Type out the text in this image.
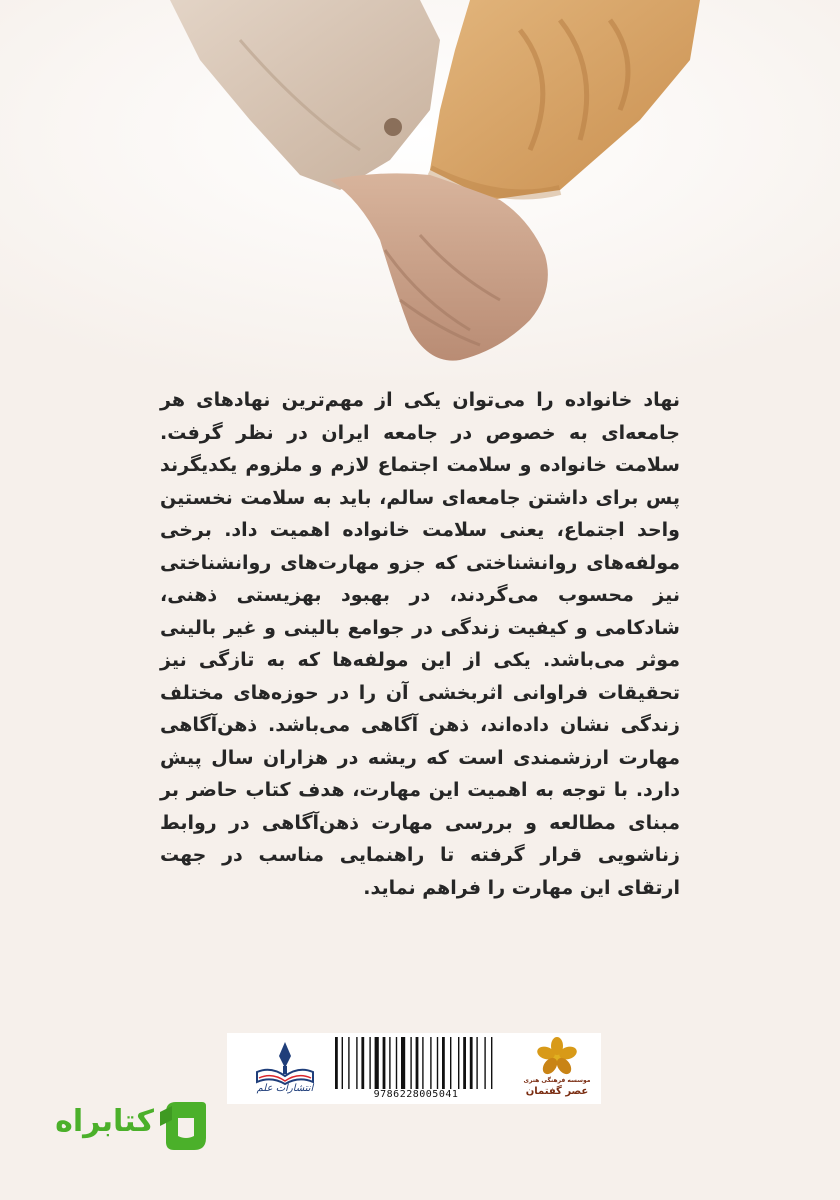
نهاد خانواده را می‌توان یکی از مهم‌ترین نهادهای هر جامعه‌ای به خصوص در جامعه ایران در نظر گرفت. سلامت خانواده و سلامت اجتماع لازم و ملزوم یکدیگرند پس برای داشتن جامعه‌ای سالم، باید به سلامت نخستین واحد اجتماع، یعنی سلامت خانواده اهمیت داد. برخی مولفه‌های روانشناختی که جزو مهارت‌های روانشناختی نیز محسوب می‌گردند، در بهبود بهزیستی ذهنی، شادکامی و کیفیت زندگی در جوامع بالینی و غیر بالینی موثر می‌باشد. یکی از این مولفه‌ها که به تازگی نیز تحقیقات فراوانی اثربخشی آن را در حوزه‌های مختلف زندگی نشان داده‌اند، ذهن آگاهی می‌باشد. ذهن‌آگاهی مهارت ارزشمندی است که ریشه در هزاران سال پیش دارد. با توجه به اهمیت این مهارت، هدف کتاب حاضر بر مبنای مطالعه و بررسی مهارت ذهن‌آگاهی در روابط زناشویی قرار گرفته تا راهنمایی مناسب در جهت ارتقای این مهارت را فراهم نماید.

انتشارات علم
9786228005041
موسسه فرهنگی هنری
عصر گفتمان
کتابراه
